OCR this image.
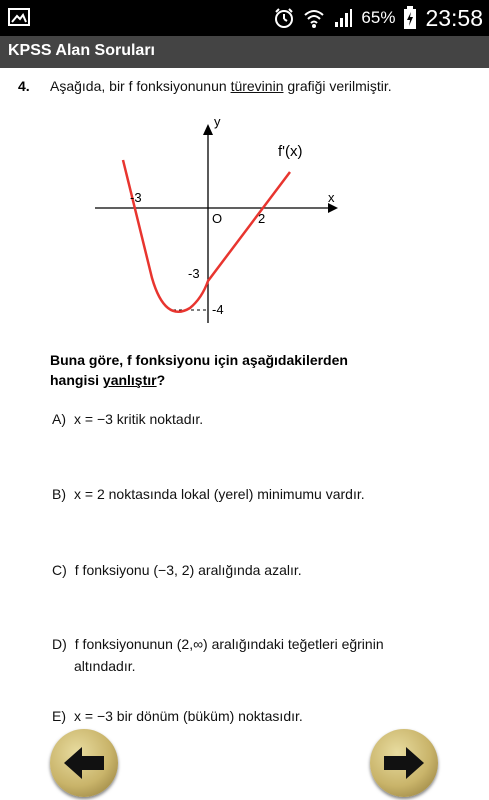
65% 23:58
KPSS Alan Soruları
4. Aşağıda, bir f fonksiyonunun türevinin grafiği verilmiştir.
y
x
f'(x)
O
-3
2
-3
-4
Buna göre, f fonksiyonu için aşağıdakilerden
hangisi yanlıştır?
A) x = −3 kritik noktadır.
B) x = 2 noktasında lokal (yerel) minimumu vardır.
C) f fonksiyonu (−3, 2) aralığında azalır.
D) f fonksiyonunun (2,∞) aralığındaki teğetleri eğrinin
altındadır.
E) x = −3 bir dönüm (büküm) noktasıdır.
